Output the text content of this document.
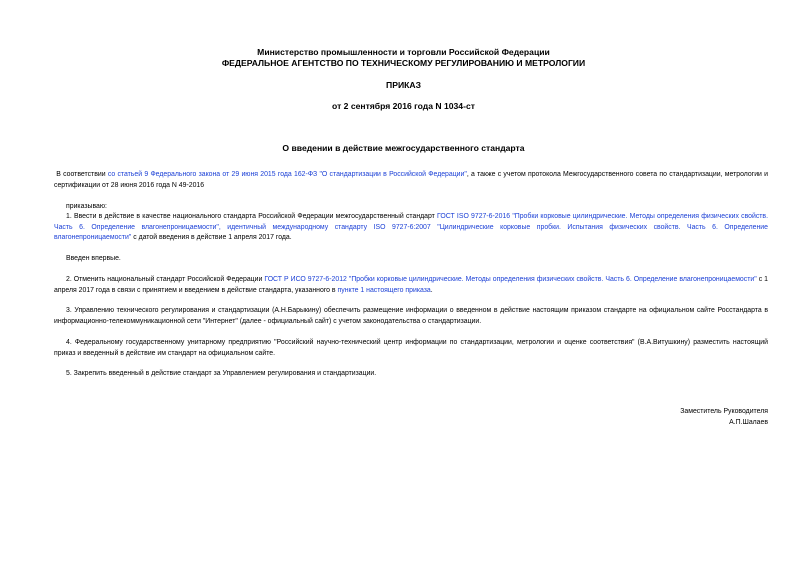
Министерство промышленности и торговли Российской Федерации
ФЕДЕРАЛЬНОЕ АГЕНТСТВО ПО ТЕХНИЧЕСКОМУ РЕГУЛИРОВАНИЮ И МЕТРОЛОГИИ
ПРИКАЗ
от 2 сентября 2016 года N 1034-ст
О введении в действие межгосударственного стандарта

В соответствии со статьей 9 Федерального закона от 29 июня 2015 года 162-ФЗ "О стандартизации в Российской Федерации", а также с учетом протокола Межгосударственного совета по стандартизации, метрологии и сертификации от 28 июня 2016 года N 49-2016

приказываю:

1. Ввести в действие в качестве национального стандарта Российской Федерации межгосударственный стандарт ГОСТ ISO 9727-6-2016 "Пробки корковые цилиндрические. Методы определения физических свойств. Часть 6. Определение влагонепроницаемости", идентичный международному стандарту ISO 9727-6:2007 "Цилиндрические корковые пробки. Испытания физических свойств. Часть 6. Определение влагонепроницаемости" с датой введения в действие 1 апреля 2017 года.

Введен впервые.

2. Отменить национальный стандарт Российской Федерации ГОСТ Р ИСО 9727-6-2012 "Пробки корковые цилиндрические. Методы определения физических свойств. Часть 6. Определение влагонепроницаемости" с 1 апреля 2017 года в связи с принятием и введением в действие стандарта, указанного в пункте 1 настоящего приказа.

3. Управлению технического регулирования и стандартизации (А.Н.Барыкину) обеспечить размещение информации о введенном в действие настоящим приказом стандарте на официальном сайте Росстандарта в информационно-телекоммуникационной сети "Интернет" (далее - официальный сайт) с учетом законодательства о стандартизации.
4. Федеральному государственному унитарному предприятию "Российский научно-технический центр информации по стандартизации, метрологии и оценке соответствия" (В.А.Витушкину) разместить настоящий приказ и введенный в действие им стандарт на официальном сайте.
5. Закрепить введенный в действие стандарт за Управлением регулирования и стандартизации.
Заместитель Руководителя
А.П.Шалаев
